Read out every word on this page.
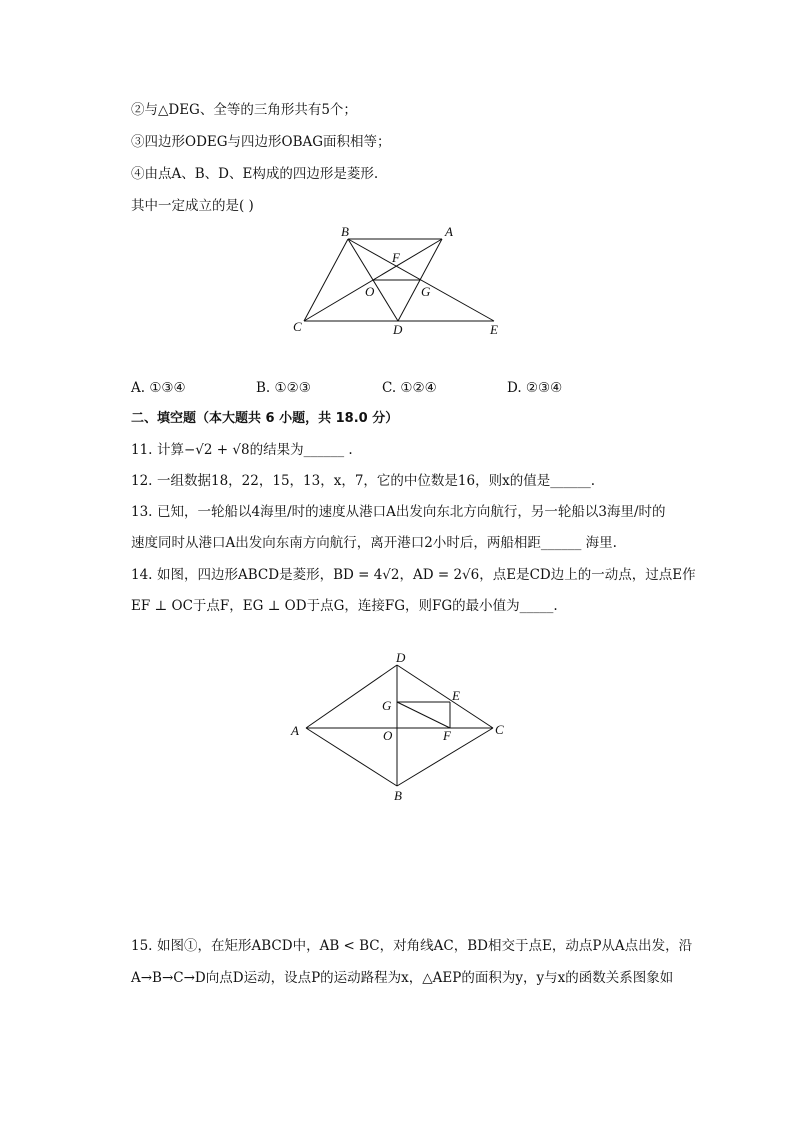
②与△DEG、全等的三角形共有5个；
③四边形ODEG与四边形OBAG面积相等；
④由点A、B、D、E构成的四边形是菱形.
其中一定成立的是( )
B	A
F
O	G
C	D	E
A. ①③④	B. ①②③	C. ①②④	D. ②③④
二、填空题（本大题共 6 小题，共 18.0 分）
11. 计算−√2 + √8的结果为______ .
12. 一组数据18，22，15，13，x，7，它的中位数是16，则x的值是______.
13. 已知，一轮船以4海里/时的速度从港口A出发向东北方向航行，另一轮船以3海里/时的
速度同时从港口A出发向东南方向航行，离开港口2小时后，两船相距______ 海里.
14. 如图，四边形ABCD是菱形，BD = 4√2，AD = 2√6，点E是CD边上的一动点，过点E作
EF ⊥ OC于点F，EG ⊥ OD于点G，连接FG，则FG的最小值为_____.
D
E
G
A	O	F	C
B
15. 如图①，在矩形ABCD中，AB < BC，对角线AC，BD相交于点E，动点P从A点出发，沿
A→B→C→D向点D运动，设点P的运动路程为x，△AEP的面积为y，y与x的函数关系图象如
